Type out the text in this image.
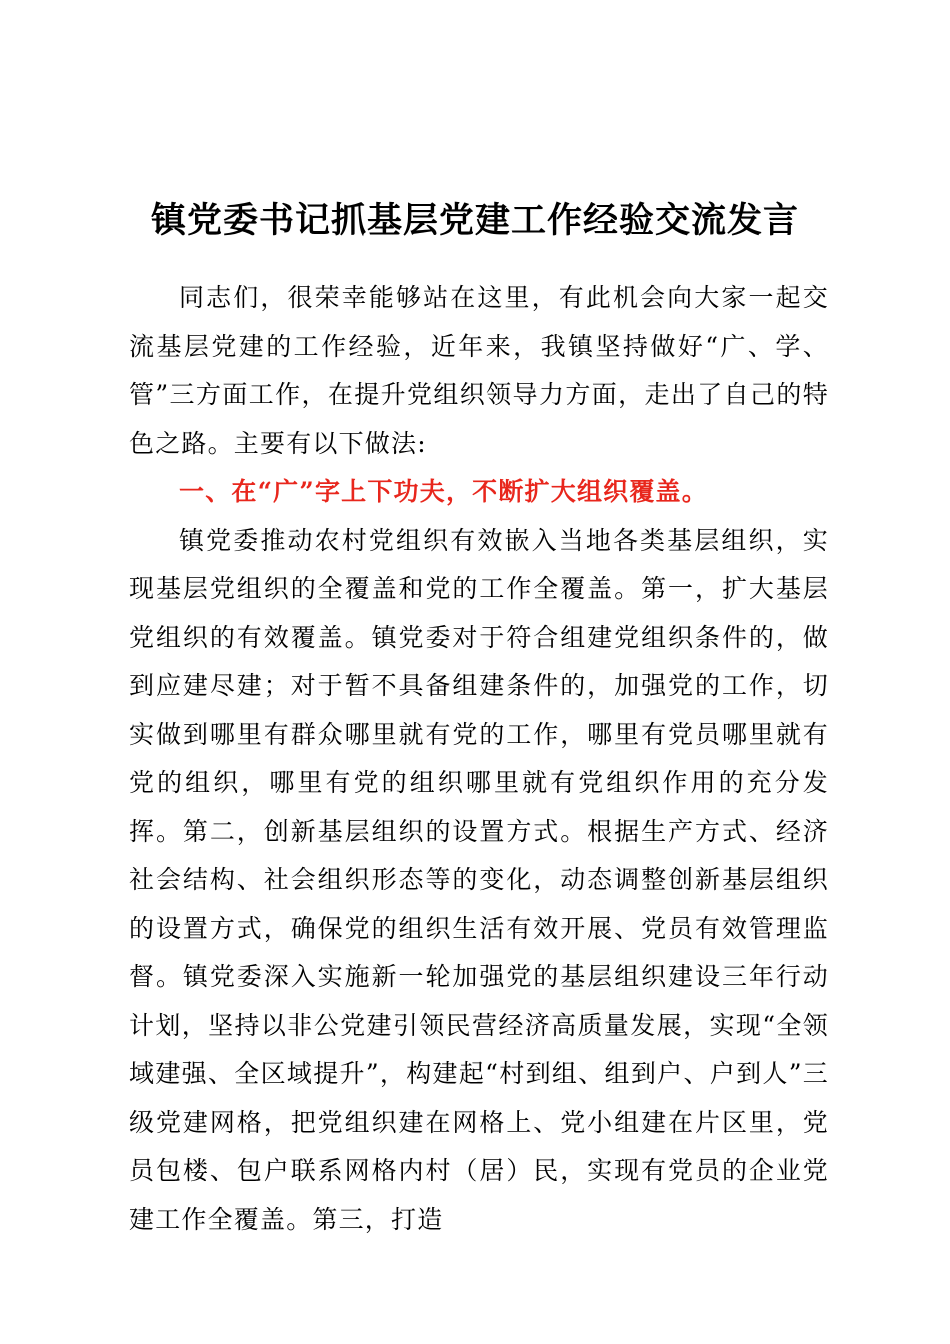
镇党委书记抓基层党建工作经验交流发言

同志们，很荣幸能够站在这里，有此机会向大家一起交流基层党建的工作经验，近年来，我镇坚持做好“广、学、管”三方面工作，在提升党组织领导力方面，走出了自己的特色之路。主要有以下做法:

一、在“广”字上下功夫，不断扩大组织覆盖。

镇党委推动农村党组织有效嵌入当地各类基层组织，实现基层党组织的全覆盖和党的工作全覆盖。第一，扩大基层党组织的有效覆盖。镇党委对于符合组建党组织条件的，做到应建尽建；对于暂不具备组建条件的，加强党的工作，切实做到哪里有群众哪里就有党的工作，哪里有党员哪里就有党的组织，哪里有党的组织哪里就有党组织作用的充分发挥。第二，创新基层组织的设置方式。根据生产方式、经济社会结构、社会组织形态等的变化，动态调整创新基层组织的设置方式，确保党的组织生活有效开展、党员有效管理监督。镇党委深入实施新一轮加强党的基层组织建设三年行动计划，坚持以非公党建引领民营经济高质量发展，实现“全领域建强、全区域提升”，构建起“村到组、组到户、户到人”三级党建网格，把党组织建在网格上、党小组建在片区里，党员包楼、包户联系网格内村（居）民，实现有党员的企业党建工作全覆盖。第三，打造
